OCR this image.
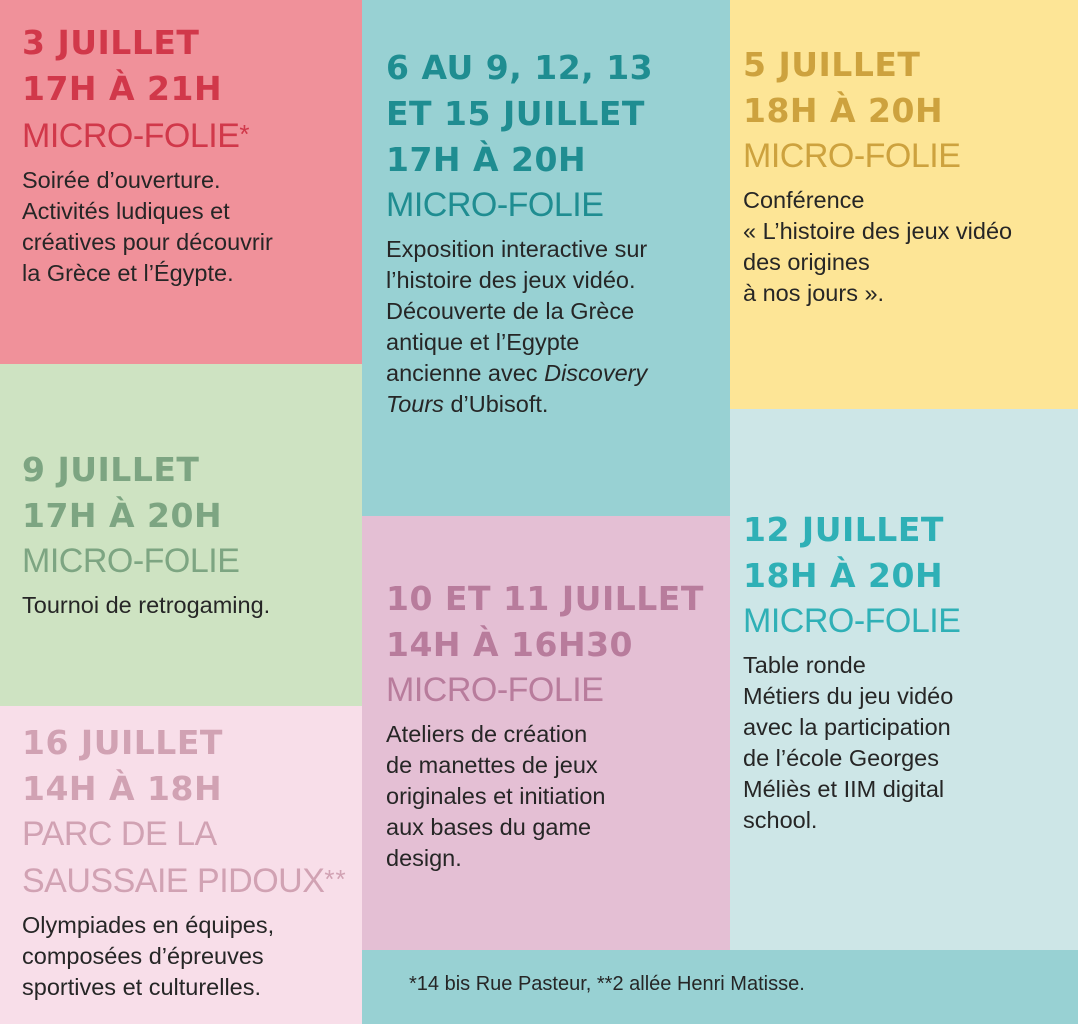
3 JUILLET
17H À 21H
MICRO-FOLIE*
Soirée d’ouverture.
Activités ludiques et
créatives pour découvrir
la Grèce et l’Égypte.
6 AU 9, 12, 13
ET 15 JUILLET
17H À 20H
MICRO-FOLIE
Exposition interactive sur
l’histoire des jeux vidéo.
Découverte de la Grèce
antique et l’Egypte
ancienne avec Discovery
Tours d’Ubisoft.
5 JUILLET
18H À 20H
MICRO-FOLIE
Conférence
« L’histoire des jeux vidéo
des origines
à nos jours ».
9 JUILLET
17H À 20H
MICRO-FOLIE
Tournoi de retrogaming.
12 JUILLET
18H À 20H
MICRO-FOLIE
Table ronde
Métiers du jeu vidéo
avec la participation
de l’école Georges
Méliès et IIM digital
school.
10 ET 11 JUILLET
14H À 16H30
MICRO-FOLIE
Ateliers de création
de manettes de jeux
originales et initiation
aux bases du game
design.
16 JUILLET
14H À 18H
PARC DE LA
SAUSSAIE PIDOUX**
Olympiades en équipes,
composées d’épreuves
sportives et culturelles.	*14 bis Rue Pasteur, **2 allée Henri Matisse.
